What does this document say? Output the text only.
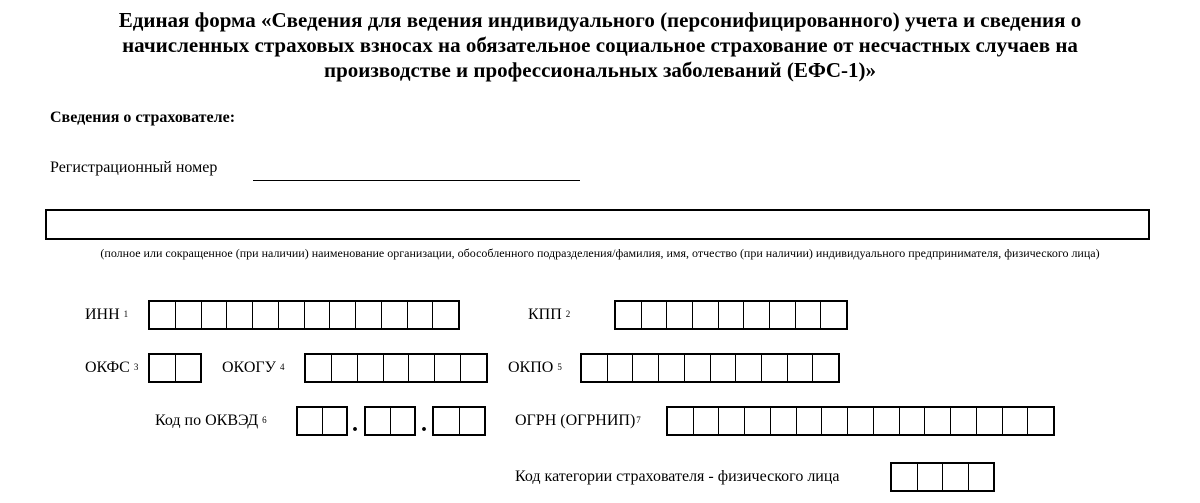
Единая форма «Сведения для ведения индивидуального (персонифицированного) учета и сведения о
начисленных страховых взносах на обязательное социальное страхование от несчастных случаев на
производстве и профессиональных заболеваний (ЕФС-1)»
Сведения о страхователе:
Регистрационный номер
(полное или сокращенное (при наличии) наименование организации, обособленного подразделения/фамилия, имя, отчество (при наличии) индивидуального предпринимателя, физического лица)
ИНН $^1$	КПП $^2$
ОКФС $^3$	ОКОГУ $^4$	ОКПО $^5$
Код по ОКВЭД $^6$	.	.	ОГРН (ОГРНИП)$^7$
Код категории страхователя - физического лица
